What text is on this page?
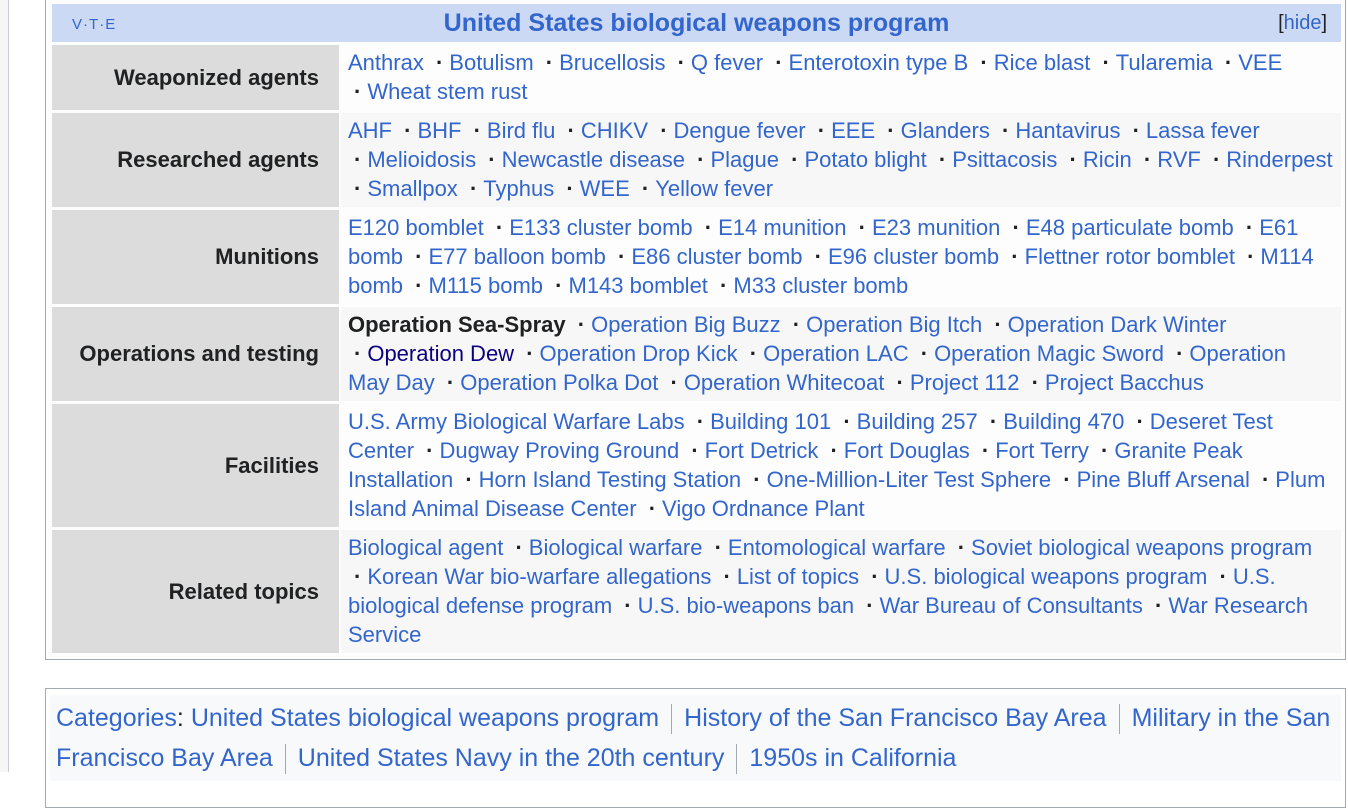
V·T·E	United States biological weapons program	[hide]
Weaponized agents
Anthrax · Botulism · Brucellosis · Q fever · Enterotoxin type B · Rice blast · Tularemia · VEE · Wheat stem rust
Researched agents
AHF · BHF · Bird flu · CHIKV · Dengue fever · EEE · Glanders · Hantavirus · Lassa fever · Melioidosis · Newcastle disease · Plague · Potato blight · Psittacosis · Ricin · RVF · Rinderpest · Smallpox · Typhus · WEE · Yellow fever
Munitions
E120 bomblet · E133 cluster bomb · E14 munition · E23 munition · E48 particulate bomb · E61 bomb · E77 balloon bomb · E86 cluster bomb · E96 cluster bomb · Flettner rotor bomblet · M114 bomb · M115 bomb · M143 bomblet · M33 cluster bomb
Operations and testing
Operation Sea-Spray · Operation Big Buzz · Operation Big Itch · Operation Dark Winter · Operation Dew · Operation Drop Kick · Operation LAC · Operation Magic Sword · Operation May Day · Operation Polka Dot · Operation Whitecoat · Project 112 · Project Bacchus
Facilities
U.S. Army Biological Warfare Labs · Building 101 · Building 257 · Building 470 · Deseret Test Center · Dugway Proving Ground · Fort Detrick · Fort Douglas · Fort Terry · Granite Peak Installation · Horn Island Testing Station · One-Million-Liter Test Sphere · Pine Bluff Arsenal · Plum Island Animal Disease Center · Vigo Ordnance Plant
Related topics
Biological agent · Biological warfare · Entomological warfare · Soviet biological weapons program · Korean War bio-warfare allegations · List of topics · U.S. biological weapons program · U.S. biological defense program · U.S. bio-weapons ban · War Bureau of Consultants · War Research Service
Categories: United States biological weapons program History of the San Francisco Bay Area Military in the San Francisco Bay Area United States Navy in the 20th century 1950s in California
